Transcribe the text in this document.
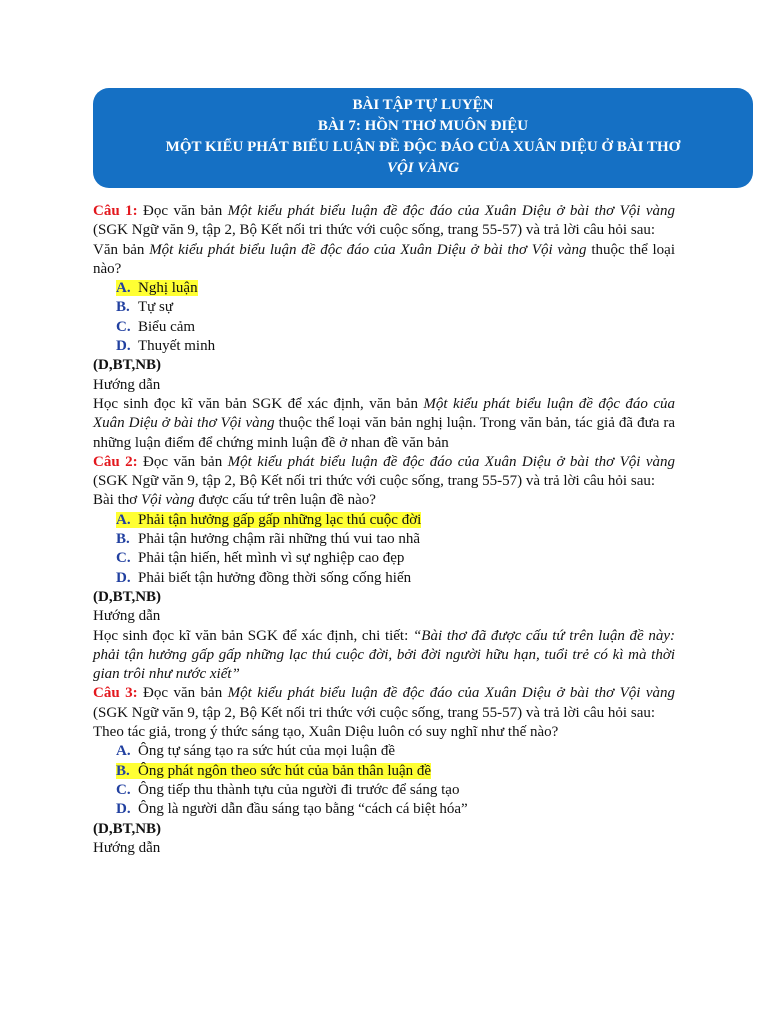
BÀI TẬP TỰ LUYỆN
BÀI 7: HỒN THƠ MUÔN ĐIỆU
MỘT KIỂU PHÁT BIỂU LUẬN ĐỀ ĐỘC ĐÁO CỦA XUÂN DIỆU Ở BÀI THƠ
VỘI VÀNG
Câu 1: Đọc văn bản Một kiểu phát biểu luận đề độc đáo của Xuân Diệu ở bài thơ Vội vàng (SGK Ngữ văn 9, tập 2, Bộ Kết nối tri thức với cuộc sống, trang 55-57) và trả lời câu hỏi sau:
Văn bản Một kiểu phát biểu luận đề độc đáo của Xuân Diệu ở bài thơ Vội vàng thuộc thể loại nào?
A. Nghị luận
B. Tự sự
C. Biểu cảm
D. Thuyết minh
(D,BT,NB)
Hướng dẫn
Học sinh đọc kĩ văn bản SGK để xác định, văn bản Một kiểu phát biểu luận đề độc đáo của Xuân Diệu ở bài thơ Vội vàng thuộc thể loại văn bản nghị luận. Trong văn bản, tác giả đã đưa ra những luận điểm để chứng minh luận đề ở nhan đề văn bản
Câu 2: Đọc văn bản Một kiểu phát biểu luận đề độc đáo của Xuân Diệu ở bài thơ Vội vàng (SGK Ngữ văn 9, tập 2, Bộ Kết nối tri thức với cuộc sống, trang 55-57) và trả lời câu hỏi sau:
Bài thơ Vội vàng được cấu tứ trên luận đề nào?
A. Phải tận hưởng gấp gấp những lạc thú cuộc đời
B. Phải tận hưởng chậm rãi những thú vui tao nhã
C. Phải tận hiến, hết mình vì sự nghiệp cao đẹp
D. Phải biết tận hưởng đồng thời sống cống hiến
(D,BT,NB)
Hướng dẫn
Học sinh đọc kĩ văn bản SGK để xác định, chi tiết: “Bài thơ đã được cấu tứ trên luận đề này: phải tận hưởng gấp gấp những lạc thú cuộc đời, bởi đời người hữu hạn, tuổi trẻ có kì mà thời gian trôi như nước xiết”
Câu 3: Đọc văn bản Một kiểu phát biểu luận đề độc đáo của Xuân Diệu ở bài thơ Vội vàng (SGK Ngữ văn 9, tập 2, Bộ Kết nối tri thức với cuộc sống, trang 55-57) và trả lời câu hỏi sau:
Theo tác giả, trong ý thức sáng tạo, Xuân Diệu luôn có suy nghĩ như thế nào?
A. Ông tự sáng tạo ra sức hút của mọi luận đề
B. Ông phát ngôn theo sức hút của bản thân luận đề
C. Ông tiếp thu thành tựu của người đi trước để sáng tạo
D. Ông là người dẫn đầu sáng tạo bằng “cách cá biệt hóa”
(D,BT,NB)
Hướng dẫn
